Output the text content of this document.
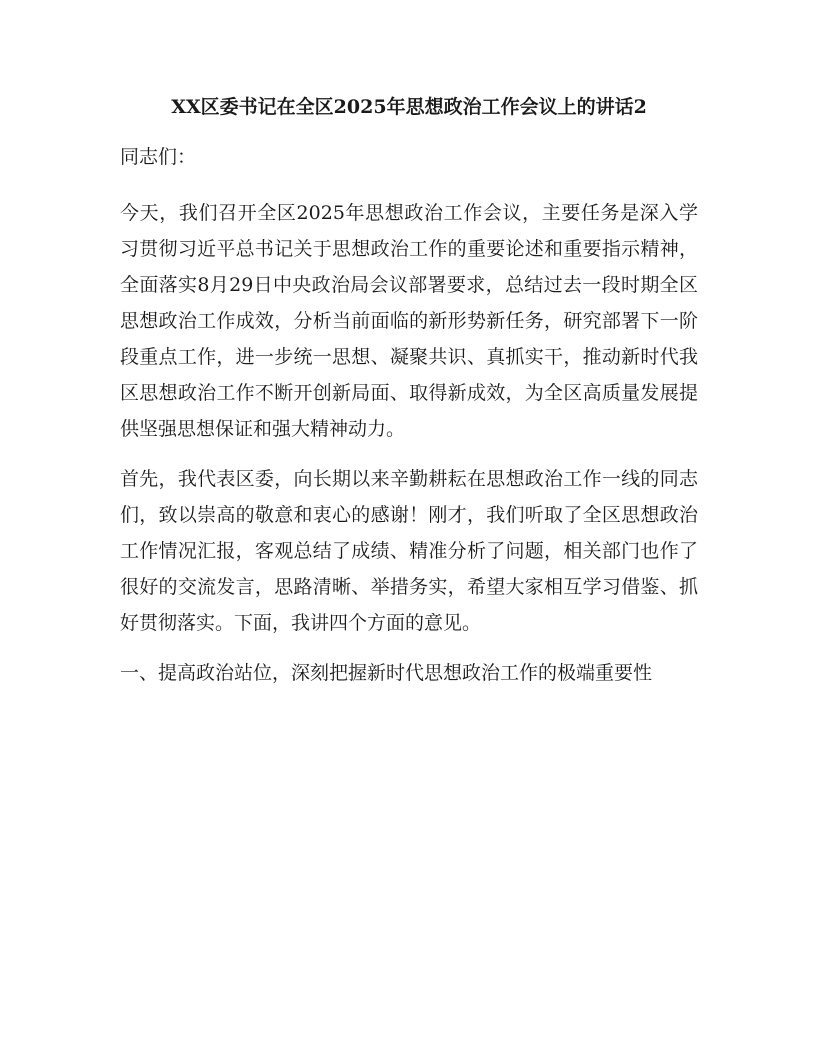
XX区委书记在全区2025年思想政治工作会议上的讲话2
同志们：
今天，我们召开全区2025年思想政治工作会议，主要任务是深入学习贯彻习近平总书记关于思想政治工作的重要论述和重要指示精神，全面落实8月29日中央政治局会议部署要求，总结过去一段时期全区思想政治工作成效，分析当前面临的新形势新任务，研究部署下一阶段重点工作，进一步统一思想、凝聚共识、真抓实干，推动新时代我区思想政治工作不断开创新局面、取得新成效，为全区高质量发展提供坚强思想保证和强大精神动力。
首先，我代表区委，向长期以来辛勤耕耘在思想政治工作一线的同志们，致以崇高的敬意和衷心的感谢！刚才，我们听取了全区思想政治工作情况汇报，客观总结了成绩、精准分析了问题，相关部门也作了很好的交流发言，思路清晰、举措务实，希望大家相互学习借鉴、抓好贯彻落实。下面，我讲四个方面的意见。
一、提高政治站位，深刻把握新时代思想政治工作的极端重要性
